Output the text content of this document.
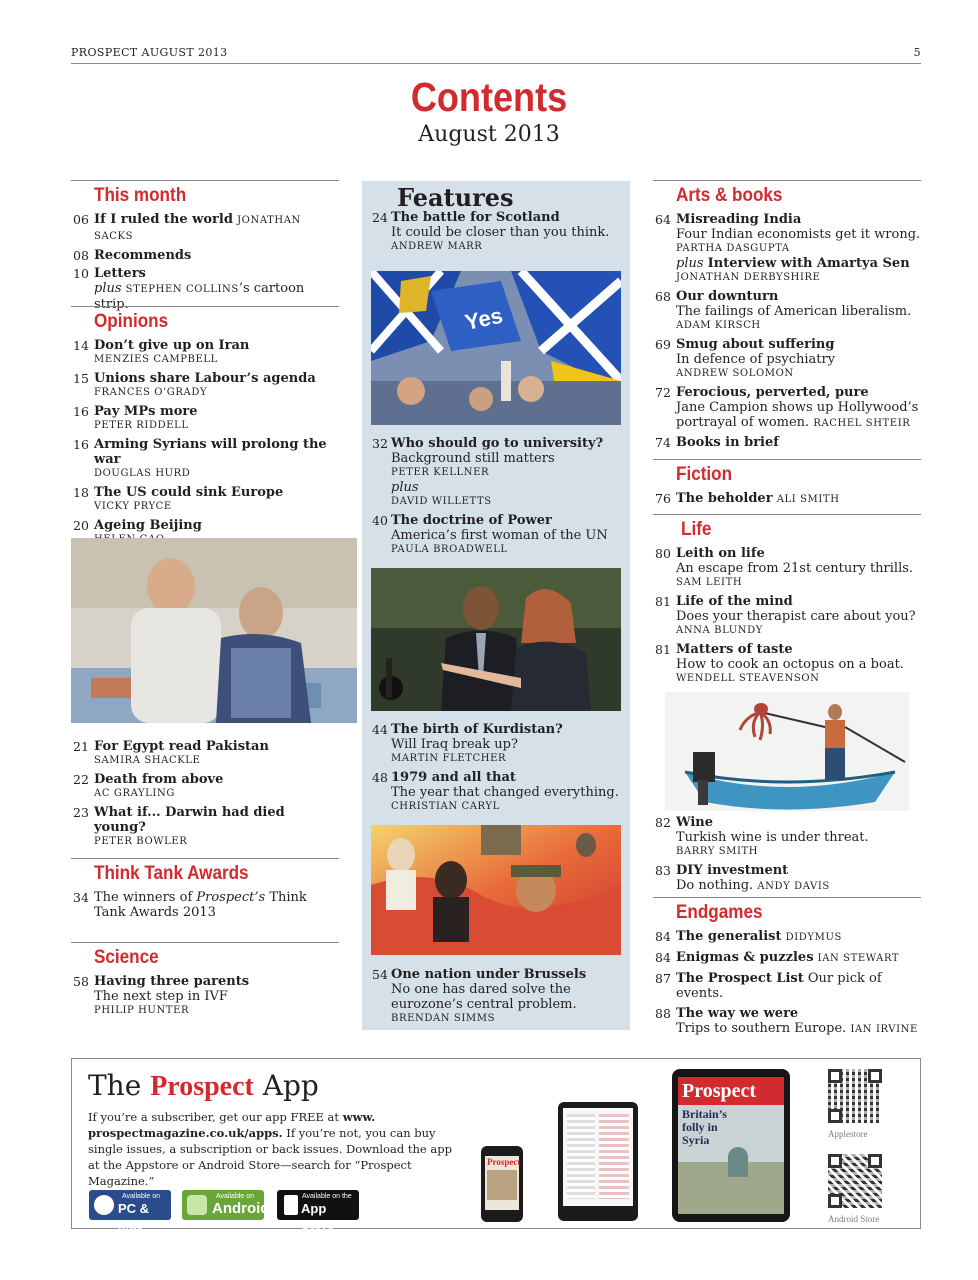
PROSPECT AUGUST 2013	5
Contents
August 2013
This month
06 If I ruled the world JONATHAN SACKS
08 Recommends
10 Letters
plus STEPHEN COLLINS’s cartoon strip.
Opinions
14 Don’t give up on Iran
MENZIES CAMPBELL
15 Unions share Labour’s agenda
FRANCES O’GRADY
16 Pay MPs more
PETER RIDDELL
16 Arming Syrians will prolong the war
DOUGLAS HURD
18 The US could sink Europe
VICKY PRYCE
20 Ageing Beijing
21 For Egypt read Pakistan
SAMIRA SHACKLE
22 Death from above
AC GRAYLING
23 What if... Darwin had died young?
PETER BOWLER
Think Tank Awards
34 The winners of Prospect’s Think Tank Awards 2013
Science
58 Having three parents
The next step in IVF
PHILIP HUNTER
Features
24 The battle for Scotland
It could be closer than you think.
ANDREW MARR
Yes
32 Who should go to university?
Background still matters
PETER KELLNER
plus
DAVID WILLETTS
40 The doctrine of Power
America’s first woman of the UN
PAULA BROADWELL
44 The birth of Kurdistan?
Will Iraq break up?
MARTIN FLETCHER
48 1979 and all that
The year that changed everything.
CHRISTIAN CARYL
54 One nation under Brussels
No one has dared solve the eurozone’s central problem.
BRENDAN SIMMS
Arts & books
64 Misreading India
Four Indian economists get it wrong.
PARTHA DASGUPTA
plus Interview with Amartya Sen
JONATHAN DERBYSHIRE
68 Our downturn
The failings of American liberalism.
ADAM KIRSCH
69 Smug about suffering
In defence of psychiatry
ANDREW SOLOMON
72 Ferocious, perverted, pure
Jane Campion shows up Hollywood’s portrayal of women. RACHEL SHTEIR
74 Books in brief
Fiction
76 The beholder ALI SMITH
Life
80 Leith on life
An escape from 21st century thrills.
SAM LEITH
81 Life of the mind
Does your therapist care about you?
ANNA BLUNDY
81 Matters of taste
How to cook an octopus on a boat.
WENDELL STEAVENSON
82 Wine
Turkish wine is under threat.
BARRY SMITH
83 DIY investment
Do nothing. ANDY DAVIS
Endgames
84 The generalist DIDYMUS
84 Enigmas & puzzles IAN STEWART
87 The Prospect List Our pick of events.
88 The way we were
Trips to southern Europe. IAN IRVINE
The Prospect App
If you’re a subscriber, get our app FREE at www. prospectmagazine.co.uk/apps. If you’re not, you can buy single issues, a subscription or back issues. Download the app at the Appstore or Android Store—search for “Prospect Magazine.”
Available on
PC & Mac
Available on
Android
Available on the
App Store
Prospect
Prospect
Britain’s folly in Syria	Applestore
Android Store
